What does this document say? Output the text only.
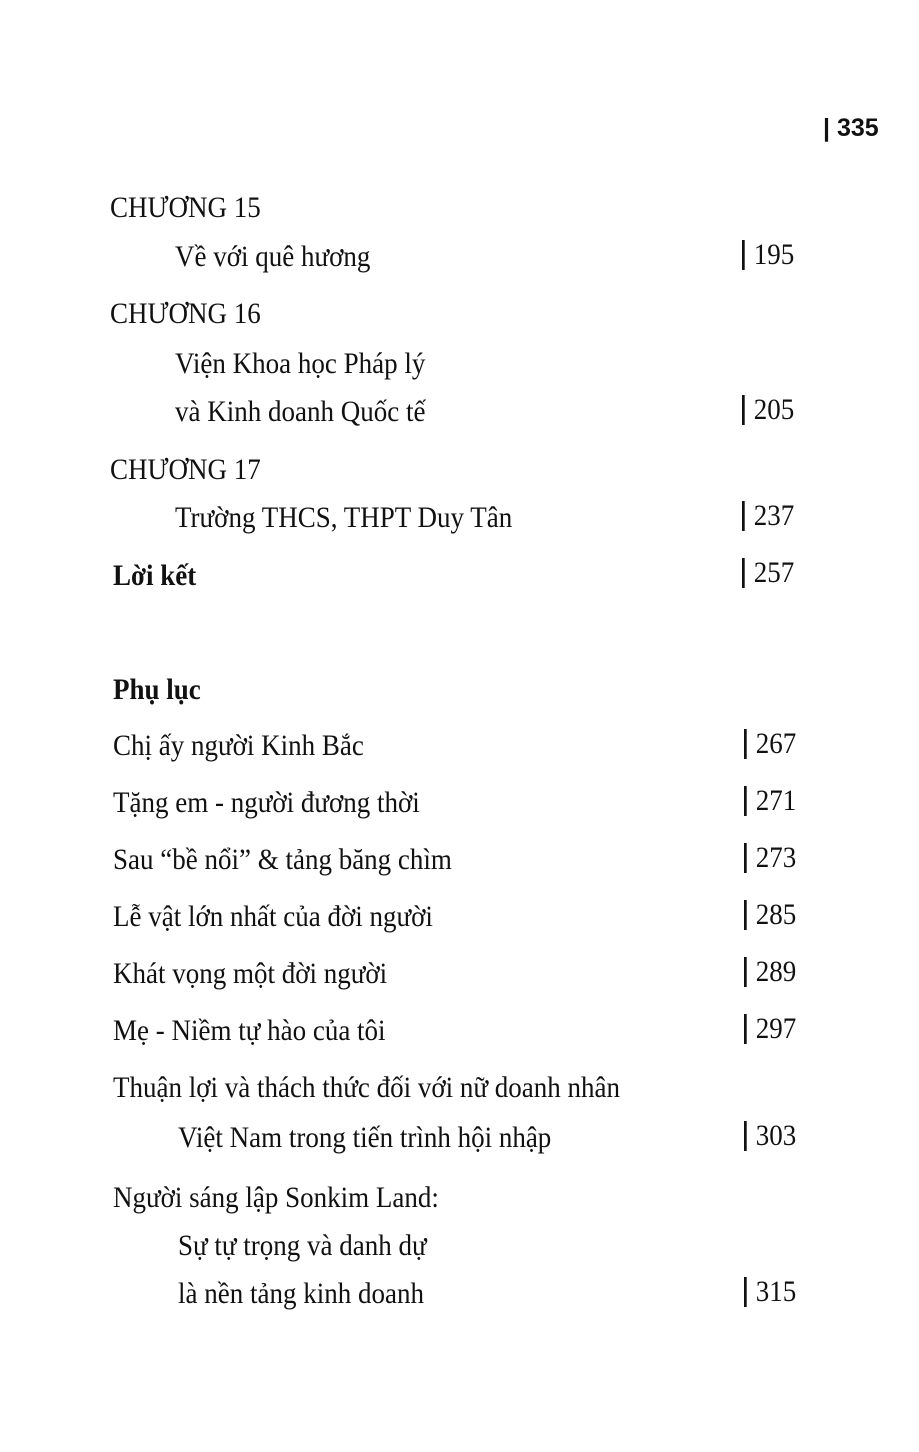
| 335
CHƯƠNG 15
Về với quê hương	195
CHƯƠNG 16
Viện Khoa học Pháp lý
và Kinh doanh Quốc tế	205
CHƯƠNG 17
Trường THCS, THPT Duy Tân	237
Lời kết	257
Phụ lục
Chị ấy người Kinh Bắc	267
Tặng em - người đương thời	271
Sau “bề nổi” & tảng băng chìm	273
Lễ vật lớn nhất của đời người	285
Khát vọng một đời người	289
Mẹ - Niềm tự hào của tôi	297
Thuận lợi và thách thức đối với nữ doanh nhân
Việt Nam trong tiến trình hội nhập	303
Người sáng lập Sonkim Land:
Sự tự trọng và danh dự
là nền tảng kinh doanh	315
